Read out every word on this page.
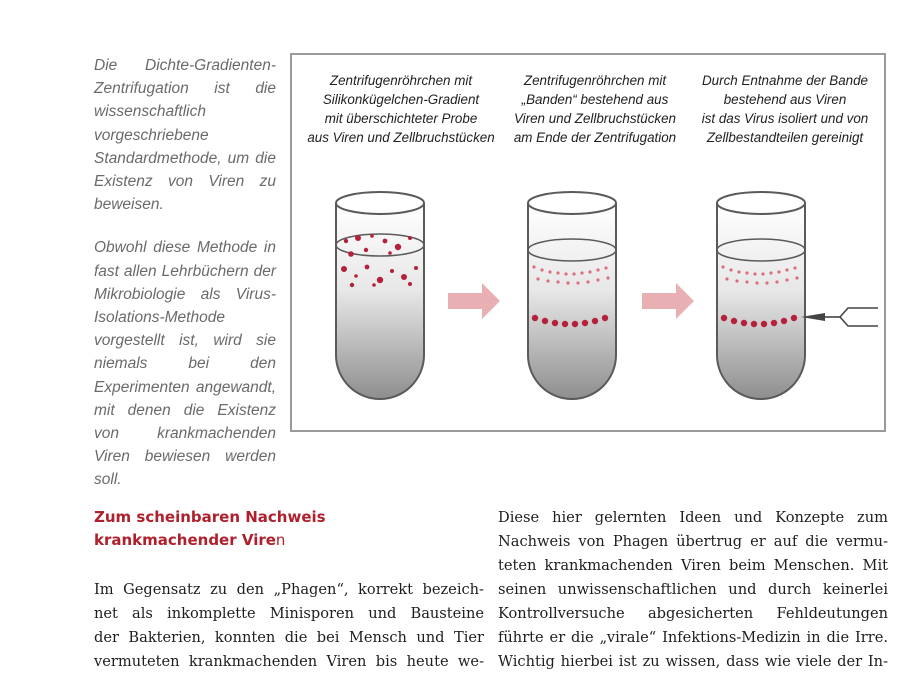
Die Dichte-Gradienten-Zentrifugation ist die wissenschaftlich vorgeschriebene Standardmethode, um die Existenz von Viren zu beweisen.

Obwohl diese Methode in fast allen Lehrbüchern der Mikrobiologie als Virus-Isolations-Methode vorgestellt ist, wird sie niemals bei den Experimenten angewandt, mit denen die Existenz von krankmachenden Viren bewiesen werden soll.

Zentrifugenröhrchen mit
Silikonkügelchen-Gradient
mit überschichteter Probe
aus Viren und Zellbruchstücken
Zentrifugenröhrchen mit
„Banden“ bestehend aus
Viren und Zellbruchstücken
am Ende der Zentrifugation
Durch Entnahme der Bande
bestehend aus Viren
ist das Virus isoliert und von
Zellbestandteilen gereinigt
Zum scheinbaren Nachweis
krankmachender Viren
Im Gegensatz zu den „Phagen“, korrekt bezeich-
net als inkomplette Minisporen und Bausteine
der Bakterien, konnten die bei Mensch und Tier
vermuteten krankmachenden Viren bis heute we-
Diese hier gelernten Ideen und Konzepte zum
Nachweis von Phagen übertrug er auf die vermu-
teten krankmachenden Viren beim Menschen. Mit
seinen unwissenschaftlichen und durch keinerlei
Kontrollversuche abgesicherten Fehldeutungen
führte er die „virale“ Infektions-Medizin in die Irre.
Wichtig hierbei ist zu wissen, dass wie viele der In-
